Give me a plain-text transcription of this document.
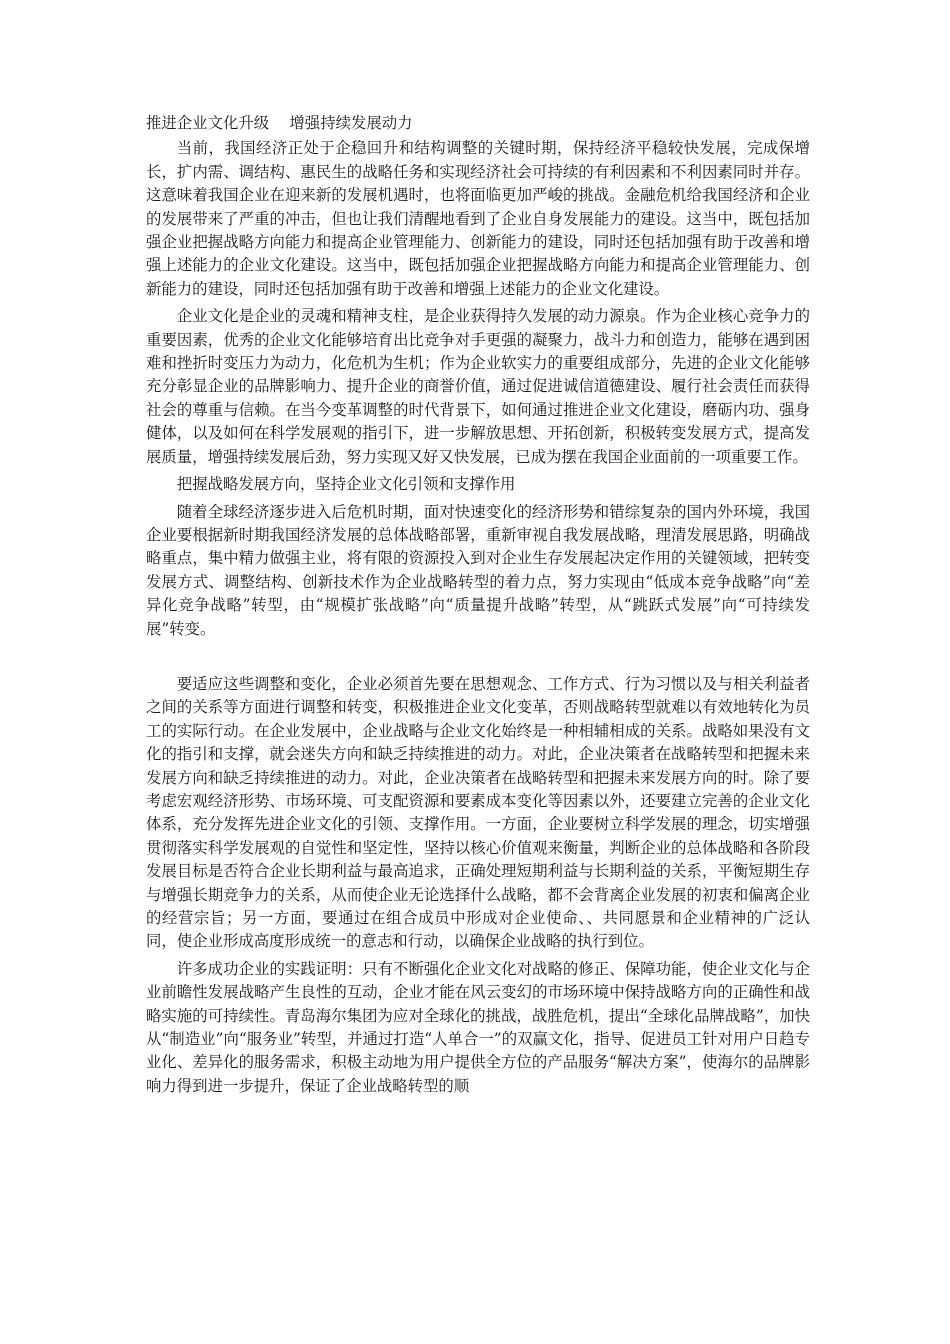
推进企业文化升级　 增强持续发展动力

当前，我国经济正处于企稳回升和结构调整的关键时期，保持经济平稳较快发展，完成保增长，扩内需、调结构、惠民生的战略任务和实现经济社会可持续的有利因素和不利因素同时并存。这意味着我国企业在迎来新的发展机遇时，也将面临更加严峻的挑战。金融危机给我国经济和企业的发展带来了严重的冲击，但也让我们清醒地看到了企业自身发展能力的建设。这当中，既包括加强企业把握战略方向能力和提高企业管理能力、创新能力的建设，同时还包括加强有助于改善和增强上述能力的企业文化建设。这当中，既包括加强企业把握战略方向能力和提高企业管理能力、创新能力的建设，同时还包括加强有助于改善和增强上述能力的企业文化建设。

企业文化是企业的灵魂和精神支柱，是企业获得持久发展的动力源泉。作为企业核心竞争力的重要因素，优秀的企业文化能够培育出比竞争对手更强的凝聚力，战斗力和创造力，能够在遇到困难和挫折时变压力为动力，化危机为生机；作为企业软实力的重要组成部分，先进的企业文化能够充分彰显企业的品牌影响力、提升企业的商誉价值，通过促进诚信道德建设、履行社会责任而获得社会的尊重与信赖。在当今变革调整的时代背景下，如何通过推进企业文化建设，磨砺内功、强身健体，以及如何在科学发展观的指引下，进一步解放思想、开拓创新，积极转变发展方式，提高发展质量，增强持续发展后劲，努力实现又好又快发展，已成为摆在我国企业面前的一项重要工作。

把握战略发展方向，坚持企业文化引领和支撑作用

随着全球经济逐步进入后危机时期，面对快速变化的经济形势和错综复杂的国内外环境，我国企业要根据新时期我国经济发展的总体战略部署，重新审视自我发展战略，理清发展思路，明确战略重点，集中精力做强主业，将有限的资源投入到对企业生存发展起决定作用的关键领域，把转变发展方式、调整结构、创新技术作为企业战略转型的着力点，努力实现由“低成本竞争战略”向“差异化竞争战略”转型，由“规模扩张战略”向“质量提升战略”转型，从“跳跃式发展”向“可持续发展”转变。

要适应这些调整和变化，企业必须首先要在思想观念、工作方式、行为习惯以及与相关利益者之间的关系等方面进行调整和转变，积极推进企业文化变革，否则战略转型就难以有效地转化为员工的实际行动。在企业发展中，企业战略与企业文化始终是一种相辅相成的关系。战略如果没有文化的指引和支撑，就会迷失方向和缺乏持续推进的动力。对此，企业决策者在战略转型和把握未来发展方向和缺乏持续推进的动力。对此，企业决策者在战略转型和把握未来发展方向的时。除了要考虑宏观经济形势、市场环境、可支配资源和要素成本变化等因素以外，还要建立完善的企业文化体系，充分发挥先进企业文化的引领、支撑作用。一方面，企业要树立科学发展的理念，切实增强贯彻落实科学发展观的自觉性和坚定性，坚持以核心价值观来衡量，判断企业的总体战略和各阶段发展目标是否符合企业长期利益与最高追求，正确处理短期利益与长期利益的关系，平衡短期生存与增强长期竞争力的关系，从而使企业无论选择什么战略，都不会背离企业发展的初衷和偏离企业的经营宗旨；另一方面，要通过在组合成员中形成对企业使命、、共同愿景和企业精神的广泛认同，使企业形成高度形成统一的意志和行动，以确保企业战略的执行到位。

许多成功企业的实践证明：只有不断强化企业文化对战略的修正、保障功能，使企业文化与企业前瞻性发展战略产生良性的互动，企业才能在风云变幻的市场环境中保持战略方向的正确性和战略实施的可持续性。青岛海尔集团为应对全球化的挑战，战胜危机，提出“全球化品牌战略”，加快从“制造业”向“服务业”转型，并通过打造“人单合一”的双赢文化，指导、促进员工针对用户日趋专业化、差异化的服务需求，积极主动地为用户提供全方位的产品服务“解决方案”，使海尔的品牌影响力得到进一步提升，保证了企业战略转型的顺
